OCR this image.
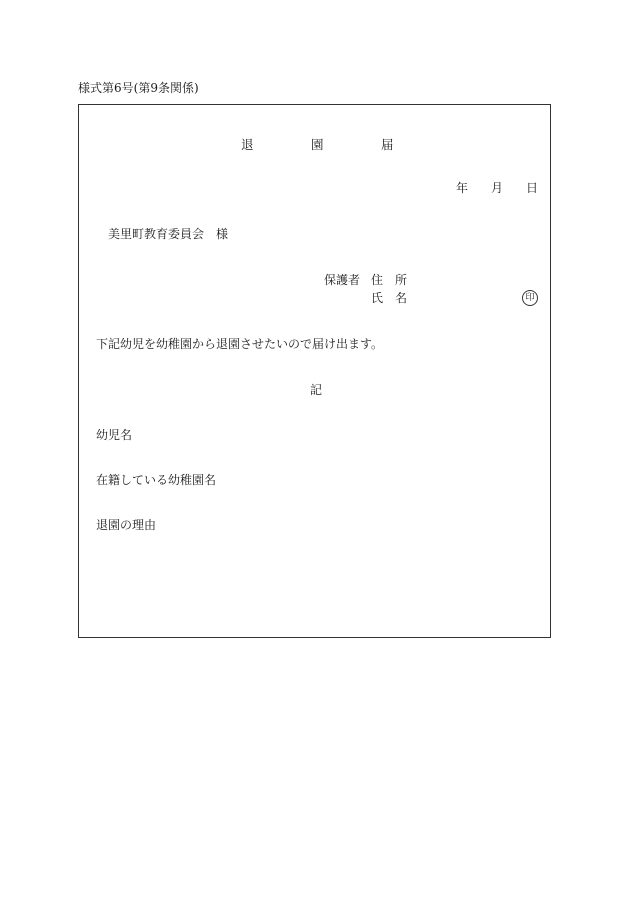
様式第6号(第9条関係)
退	園	届
年 月 日
美里町教育委員会　様
保護者 住　所
氏　名	印
下記幼児を幼稚園から退園させたいので届け出ます。
記
幼児名
在籍している幼稚園名
退園の理由
